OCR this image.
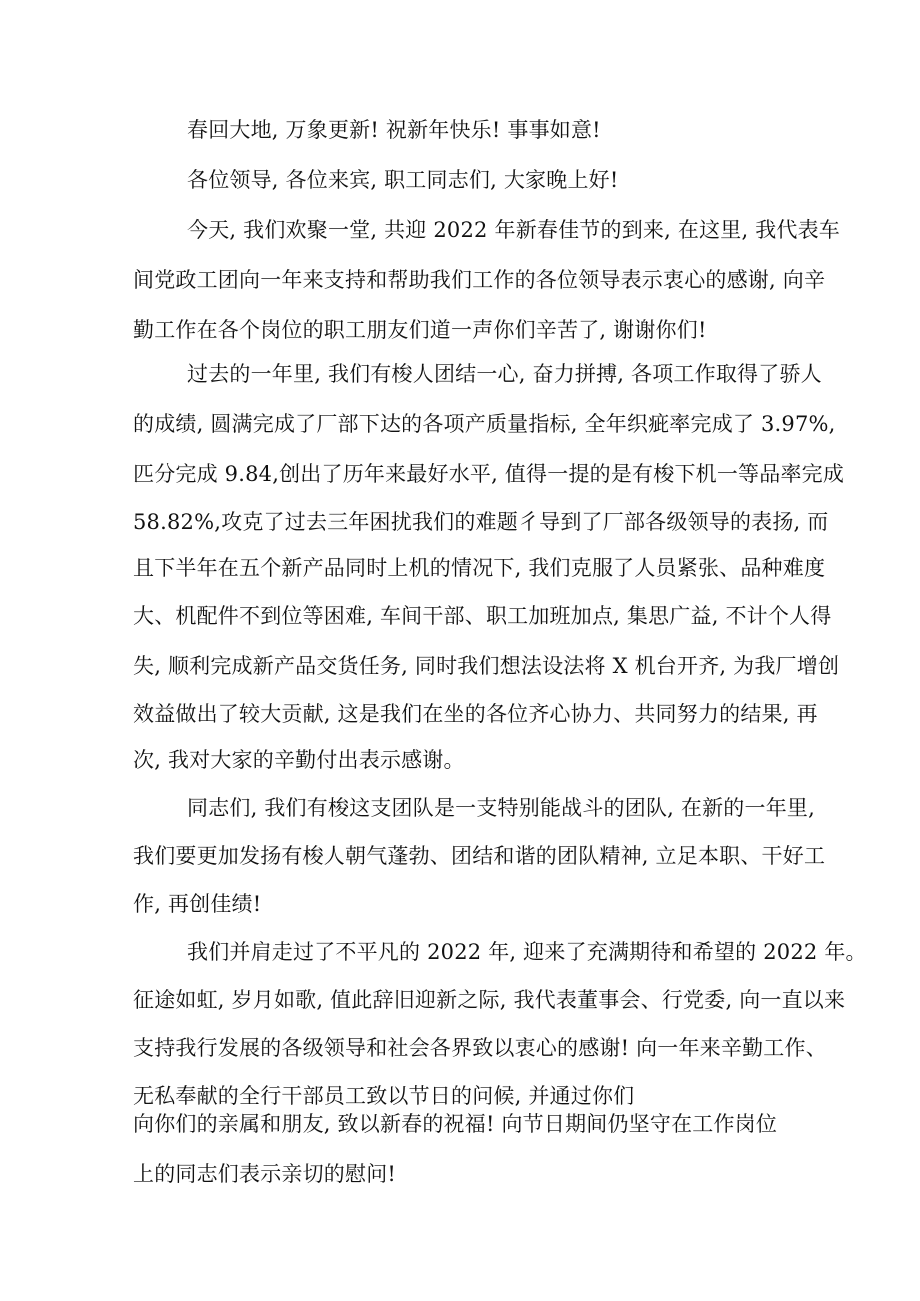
春回大地, 万象更新! 祝新年快乐! 事事如意!
各位领导, 各位来宾, 职工同志们, 大家晚上好!
今天, 我们欢聚一堂, 共迎 2022 年新春佳节的到来, 在这里, 我代表车
间党政工团向一年来支持和帮助我们工作的各位领导表示衷心的感谢, 向辛
勤工作在各个岗位的职工朋友们道一声你们辛苦了, 谢谢你们!
过去的一年里, 我们有梭人团结一心, 奋力拼搏, 各项工作取得了骄人
的成绩, 圆满完成了厂部下达的各项产质量指标, 全年织疵率完成了 3.97%,
匹分完成 9.84,创出了历年来最好水平, 值得一提的是有梭下机一等品率完成
58.82%,攻克了过去三年困扰我们的难题彳导到了厂部各级领导的表扬, 而
且下半年在五个新产品同时上机的情况下, 我们克服了人员紧张、品种难度
大、机配件不到位等困难, 车间干部、职工加班加点, 集思广益, 不计个人得
失, 顺利完成新产品交货任务, 同时我们想法设法将 X 机台开齐, 为我厂增创
效益做出了较大贡献, 这是我们在坐的各位齐心协力、共同努力的结果, 再
次, 我对大家的辛勤付出表示感谢。
同志们, 我们有梭这支团队是一支特别能战斗的团队, 在新的一年里,
我们要更加发扬有梭人朝气蓬勃、团结和谐的团队精神, 立足本职、干好工
作, 再创佳绩!
我们并肩走过了不平凡的 2022 年, 迎来了充满期待和希望的 2022 年。
征途如虹, 岁月如歌, 值此辞旧迎新之际, 我代表董事会、行党委, 向一直以来
支持我行发展的各级领导和社会各界致以衷心的感谢! 向一年来辛勤工作、
无私奉献的全行干部员工致以节日的问候, 并通过你们
向你们的亲属和朋友, 致以新春的祝福! 向节日期间仍坚守在工作岗位
上的同志们表示亲切的慰问!
